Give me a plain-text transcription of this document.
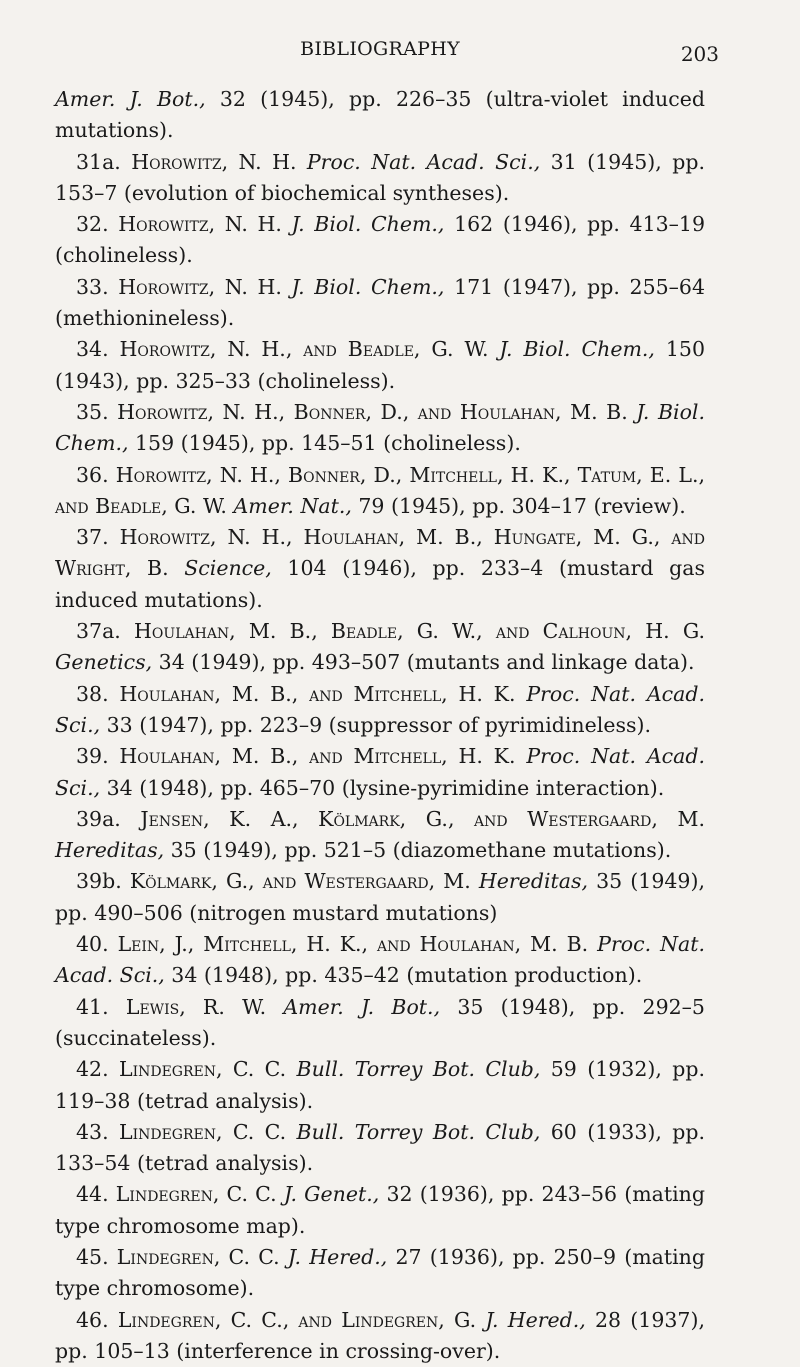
BIBLIOGRAPHY	203

Amer. J. Bot., 32 (1945), pp. 226–35 (ultra-violet induced mutations).

31a. Horowitz, N. H. Proc. Nat. Acad. Sci., 31 (1945), pp. 153–7 (evolution of biochemical syntheses).

32. Horowitz, N. H. J. Biol. Chem., 162 (1946), pp. 413–19 (cholineless).

33. Horowitz, N. H. J. Biol. Chem., 171 (1947), pp. 255–64 (methionineless).

34. Horowitz, N. H., and Beadle, G. W. J. Biol. Chem., 150 (1943), pp. 325–33 (cholineless).

35. Horowitz, N. H., Bonner, D., and Houlahan, M. B. J. Biol. Chem., 159 (1945), pp. 145–51 (cholineless).

36. Horowitz, N. H., Bonner, D., Mitchell, H. K., Tatum, E. L., and Beadle, G. W. Amer. Nat., 79 (1945), pp. 304–17 (review).

37. Horowitz, N. H., Houlahan, M. B., Hungate, M. G., and Wright, B. Science, 104 (1946), pp. 233–4 (mustard gas induced mutations).

37a. Houlahan, M. B., Beadle, G. W., and Calhoun, H. G. Genetics, 34 (1949), pp. 493–507 (mutants and linkage data).

38. Houlahan, M. B., and Mitchell, H. K. Proc. Nat. Acad. Sci., 33 (1947), pp. 223–9 (suppressor of pyrimidineless).

39. Houlahan, M. B., and Mitchell, H. K. Proc. Nat. Acad. Sci., 34 (1948), pp. 465–70 (lysine-pyrimidine interaction).

39a. Jensen, K. A., Kölmark, G., and Westergaard, M. Hereditas, 35 (1949), pp. 521–5 (diazomethane mutations).

39b. Kölmark, G., and Westergaard, M. Hereditas, 35 (1949), pp. 490–506 (nitrogen mustard mutations)

40. Lein, J., Mitchell, H. K., and Houlahan, M. B. Proc. Nat. Acad. Sci., 34 (1948), pp. 435–42 (mutation production).

41. Lewis, R. W. Amer. J. Bot., 35 (1948), pp. 292–5 (succinateless).

42. Lindegren, C. C. Bull. Torrey Bot. Club, 59 (1932), pp. 119–38 (tetrad analysis).

43. Lindegren, C. C. Bull. Torrey Bot. Club, 60 (1933), pp. 133–54 (tetrad analysis).

44. Lindegren, C. C. J. Genet., 32 (1936), pp. 243–56 (mating type chromosome map).

45. Lindegren, C. C. J. Hered., 27 (1936), pp. 250–9 (mating type chromosome).

46. Lindegren, C. C., and Lindegren, G. J. Hered., 28 (1937), pp. 105–13 (interference in crossing-over).
